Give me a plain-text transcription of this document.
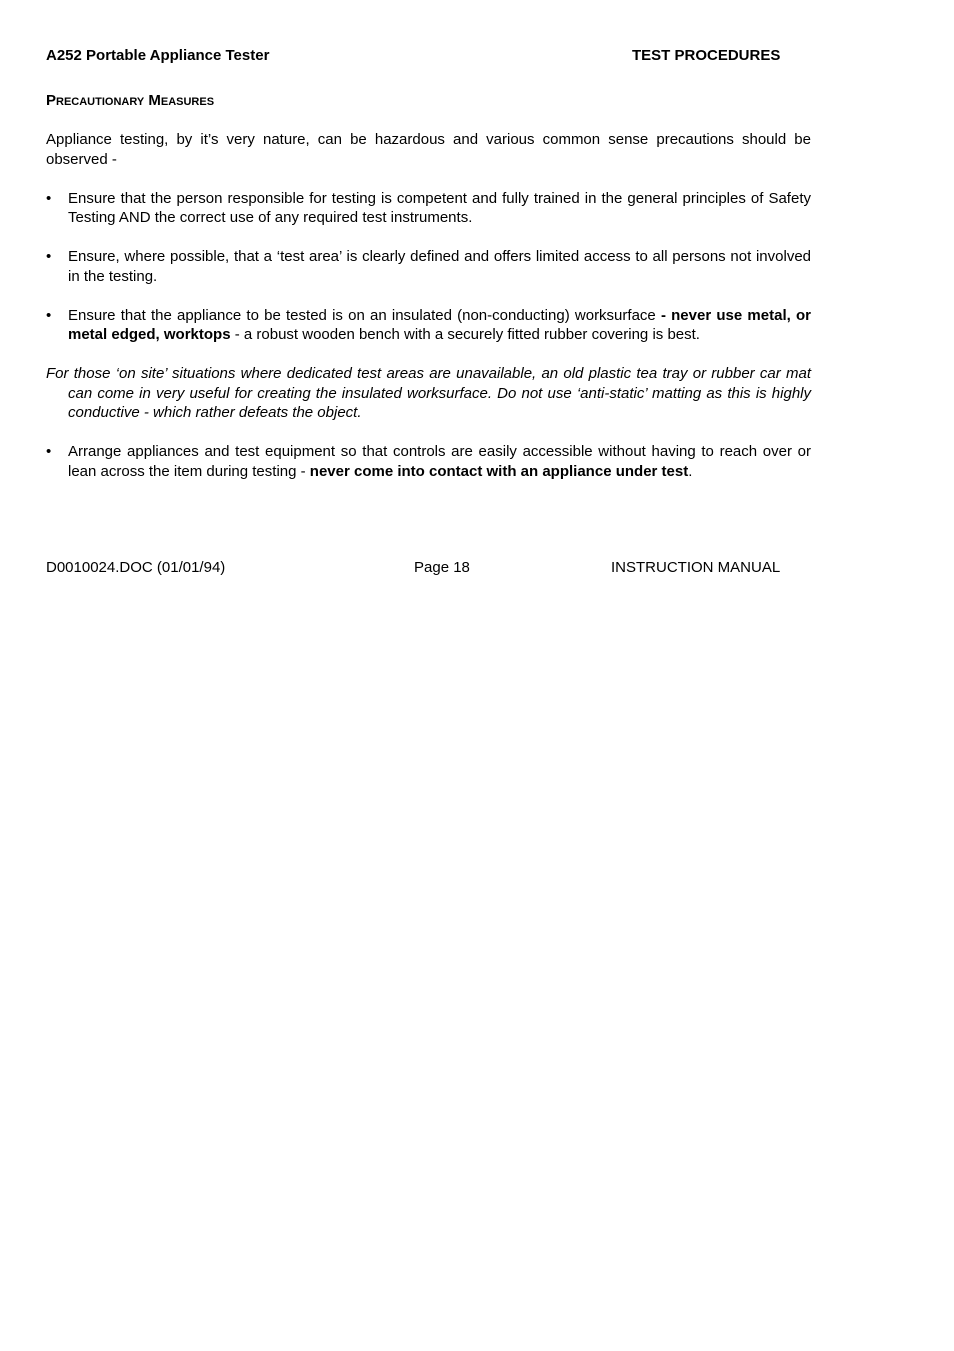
A252 Portable Appliance Tester	TEST PROCEDURES
Precautionary Measures

Appliance testing, by it’s very nature, can be hazardous and various common sense precautions should be observed -

• Ensure that the person responsible for testing is competent and fully trained in the general principles of Safety Testing AND the correct use of any required test instruments.
• Ensure, where possible, that a ‘test area’ is clearly defined and offers limited access to all persons not involved in the testing.
• Ensure that the appliance to be tested is on an insulated (non-conducting) worksurface - never use metal, or metal edged, worktops - a robust wooden bench with a securely fitted rubber covering is best.

For those ‘on site’ situations where dedicated test areas are unavailable, an old plastic tea tray or rubber car mat can come in very useful for creating the insulated worksurface. Do not use ‘anti-static’ matting as this is highly conductive - which rather defeats the object.

• Arrange appliances and test equipment so that controls are easily accessible without having to reach over or lean across the item during testing - never come into contact with an appliance under test.
D0010024.DOC (01/01/94)	Page 18	INSTRUCTION MANUAL
